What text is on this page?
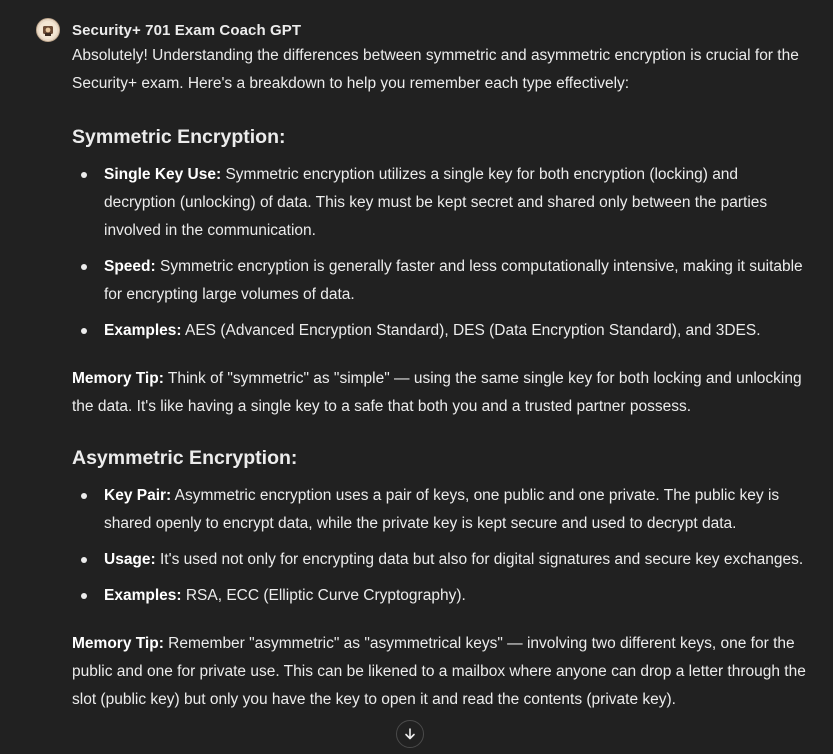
Security+ 701 Exam Coach GPT

Absolutely! Understanding the differences between symmetric and asymmetric encryption is crucial for the Security+ exam. Here's a breakdown to help you remember each type effectively:

Symmetric Encryption:
Single Key Use: Symmetric encryption utilizes a single key for both encryption (locking) and decryption (unlocking) of data. This key must be kept secret and shared only between the parties involved in the communication.
Speed: Symmetric encryption is generally faster and less computationally intensive, making it suitable for encrypting large volumes of data.
Examples: AES (Advanced Encryption Standard), DES (Data Encryption Standard), and 3DES.

Memory Tip: Think of "symmetric" as "simple" — using the same single key for both locking and unlocking the data. It's like having a single key to a safe that both you and a trusted partner possess.

Asymmetric Encryption:
Key Pair: Asymmetric encryption uses a pair of keys, one public and one private. The public key is shared openly to encrypt data, while the private key is kept secure and used to decrypt data.
Usage: It's used not only for encrypting data but also for digital signatures and secure key exchanges.
Examples: RSA, ECC (Elliptic Curve Cryptography).

Memory Tip: Remember "asymmetric" as "asymmetrical keys" — involving two different keys, one for the public and one for private use. This can be likened to a mailbox where anyone can drop a letter through the slot (public key) but only you have the key to open it and read the contents (private key).
